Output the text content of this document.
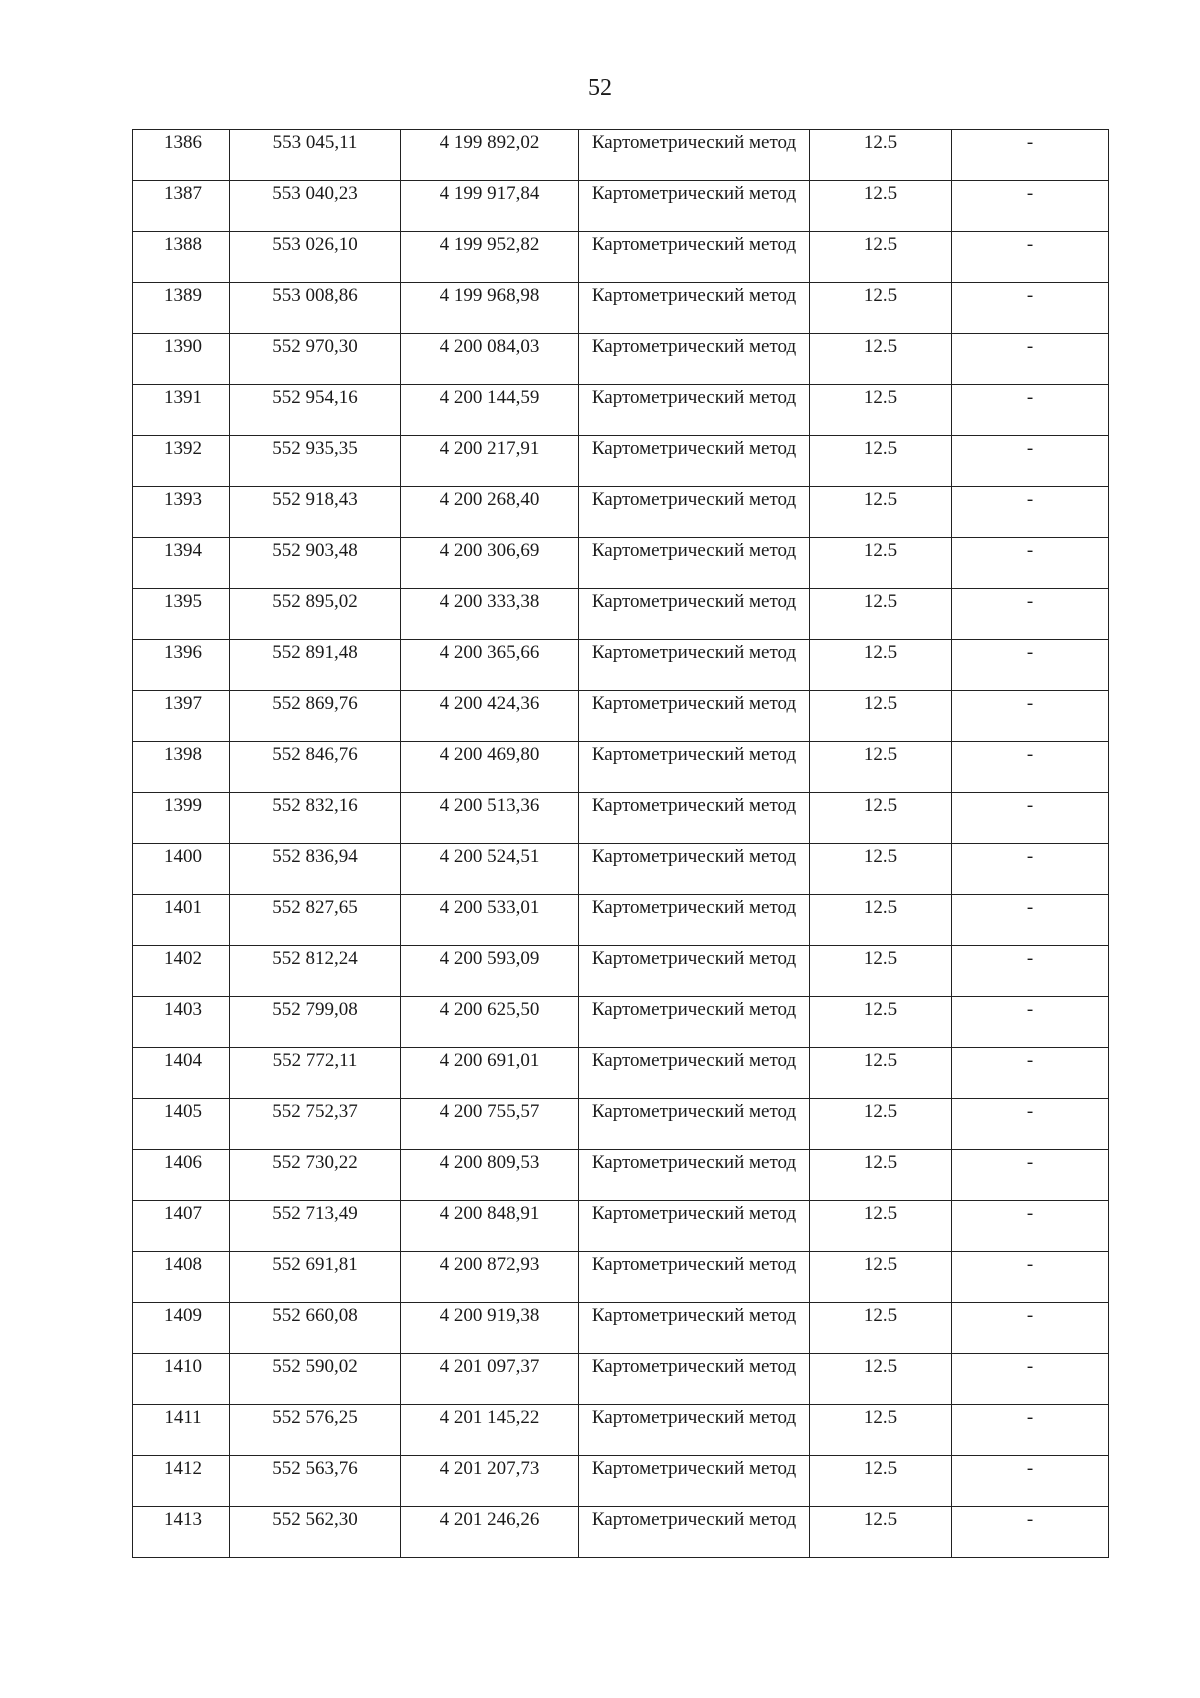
52
1386	553 045,11	4 199 892,02	Картометрический метод	12.5	-

1387	553 040,23	4 199 917,84	Картометрический метод	12.5	-

1388	553 026,10	4 199 952,82	Картометрический метод	12.5	-

1389	553 008,86	4 199 968,98	Картометрический метод	12.5	-

1390	552 970,30	4 200 084,03	Картометрический метод	12.5	-

1391	552 954,16	4 200 144,59	Картометрический метод	12.5	-

1392	552 935,35	4 200 217,91	Картометрический метод	12.5	-

1393	552 918,43	4 200 268,40	Картометрический метод	12.5	-

1394	552 903,48	4 200 306,69	Картометрический метод	12.5	-

1395	552 895,02	4 200 333,38	Картометрический метод	12.5	-

1396	552 891,48	4 200 365,66	Картометрический метод	12.5	-

1397	552 869,76	4 200 424,36	Картометрический метод	12.5	-

1398	552 846,76	4 200 469,80	Картометрический метод	12.5	-

1399	552 832,16	4 200 513,36	Картометрический метод	12.5	-

1400	552 836,94	4 200 524,51	Картометрический метод	12.5	-

1401	552 827,65	4 200 533,01	Картометрический метод	12.5	-

1402	552 812,24	4 200 593,09	Картометрический метод	12.5	-

1403	552 799,08	4 200 625,50	Картометрический метод	12.5	-

1404	552 772,11	4 200 691,01	Картометрический метод	12.5	-

1405	552 752,37	4 200 755,57	Картометрический метод	12.5	-

1406	552 730,22	4 200 809,53	Картометрический метод	12.5	-

1407	552 713,49	4 200 848,91	Картометрический метод	12.5	-

1408	552 691,81	4 200 872,93	Картометрический метод	12.5	-

1409	552 660,08	4 200 919,38	Картометрический метод	12.5	-

1410	552 590,02	4 201 097,37	Картометрический метод	12.5	-

1411	552 576,25	4 201 145,22	Картометрический метод	12.5	-

1412	552 563,76	4 201 207,73	Картометрический метод	12.5	-

1413	552 562,30	4 201 246,26	Картометрический метод	12.5	-
